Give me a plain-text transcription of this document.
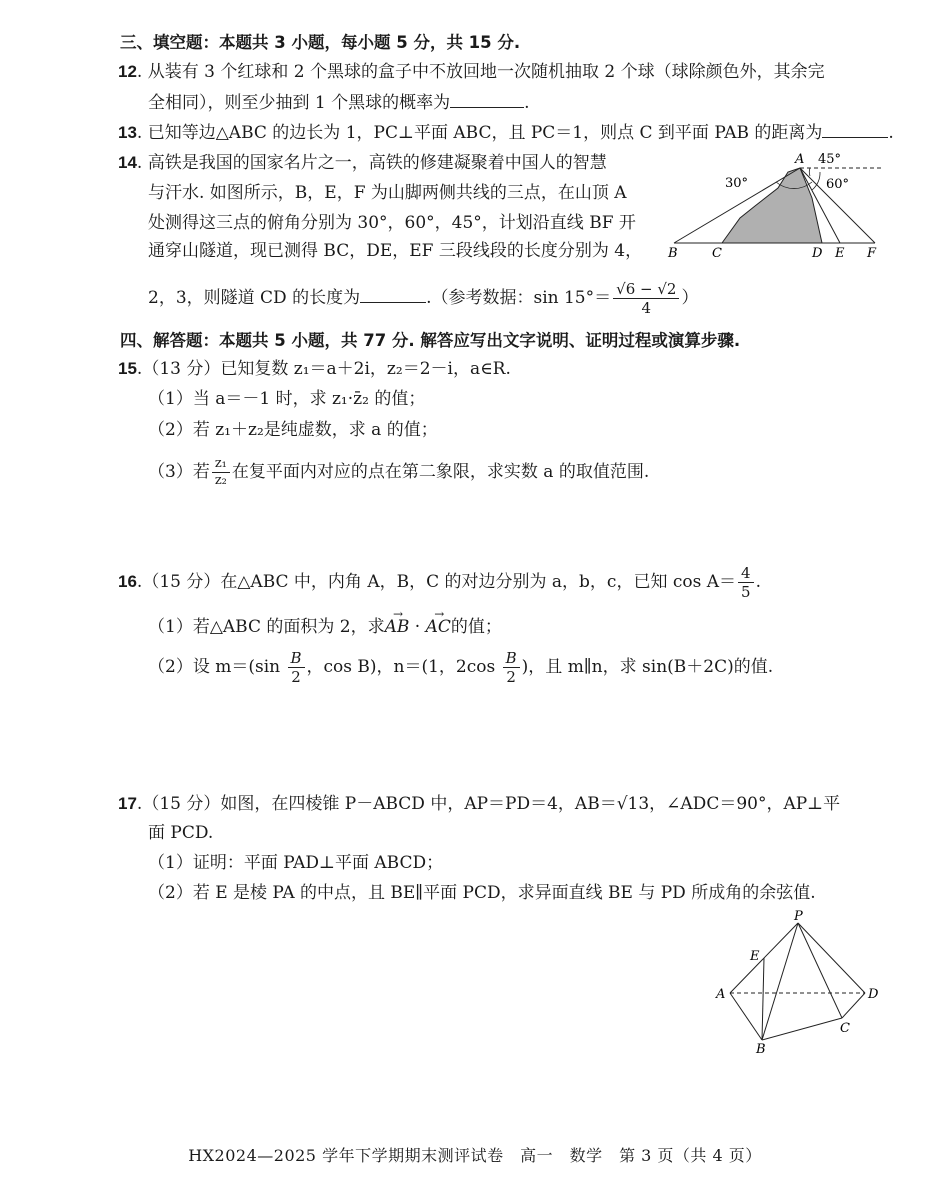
三、填空题：本题共 3 小题，每小题 5 分，共 15 分.
12. 从装有 3 个红球和 2 个黑球的盒子中不放回地一次随机抽取 2 个球（球除颜色外，其余完
全相同），则至少抽到 1 个黑球的概率为	.
13. 已知等边△ABC 的边长为 1，PC⊥平面 ABC，且 PC＝1，则点 C 到平面 PAB 的距离为	.
14. 高铁是我国的国家名片之一，高铁的修建凝聚着中国人的智慧
与汗水. 如图所示，B，E，F 为山脚两侧共线的三点，在山顶 A
处测得这三点的俯角分别为 30°，60°，45°，计划沿直线 BF 开
通穿山隧道，现已测得 BC，DE，EF 三段线段的长度分别为 4，
2，3，则隧道 CD 的长度为	.（参考数据：$\sin 15^\circ= \frac{√6 - √2}{4}$ ）
A 45°
30°	60°
B	C	D E F
四、解答题：本题共 5 小题，共 77 分. 解答应写出文字说明、证明过程或演算步骤.
15.（13 分）已知复数 z₁＝a＋2i，z₂＝2－i，a∈R.
（1）当 a＝－1 时，求 z₁·z̄₂ 的值；
（2）若 z₁＋z₂是纯虚数，求 a 的值；
（3）若 $\frac{\text{z₁}}{\text{z₂}}$ 在复平面内对应的点在第二象限，求实数 a 的取值范围.
16.（15 分）在△ABC 中，内角 A，B，C 的对边分别为 a，b，c，已知 $\cos A= \frac{4}{5}$ .
（1）若△ABC 的面积为 2，求AB → · AC →的值；
（2）设 $m=(\sin \frac{B}{2}$ ，cos B)，n＝(1，$2\cos \frac{B}{2}$ )，且 m∥n，求 sin(B＋2C)的值.
17.（15 分）如图，在四棱锥 P－ABCD 中，AP＝PD＝4，AB＝√13，∠ADC＝90°，AP⊥平
面 PCD.
（1）证明：平面 PAD⊥平面 ABCD；
（2）若 E 是棱 PA 的中点，且 BE∥平面 PCD，求异面直线 BE 与 PD 所成角的余弦值.
P
E
A	D
C
B
HX2024—2025 学年下学期期末测评试卷　高一　数学　第 3 页（共 4 页）
